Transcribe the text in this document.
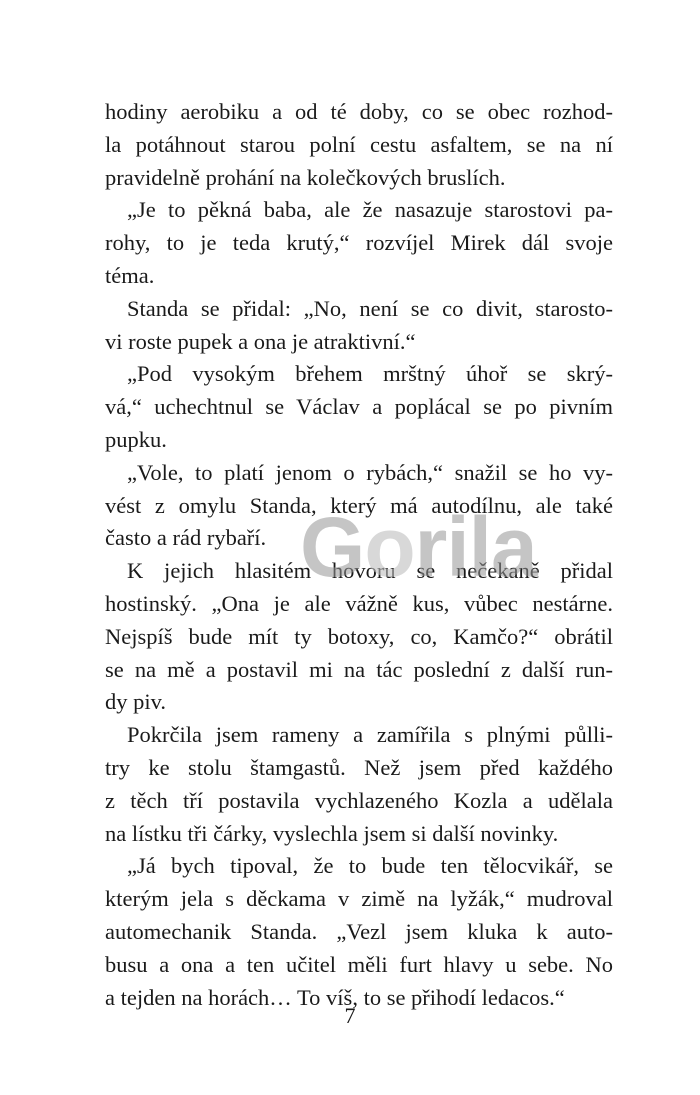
hodiny aerobiku a od té doby, co se obec rozhod-
la potáhnout starou polní cestu asfaltem, se na ní
pravidelně prohání na kolečkových bruslích.
„Je to pěkná baba, ale že nasazuje starostovi pa-
rohy, to je teda krutý,“ rozvíjel Mirek dál svoje
téma.
Standa se přidal: „No, není se co divit, starosto-
vi roste pupek a ona je atraktivní.“
„Pod vysokým břehem mrštný úhoř se skrý-
vá,“ uchechtnul se Václav a poplácal se po pivním
pupku.
„Vole, to platí jenom o rybách,“ snažil se ho vy-
vést z omylu Standa, který má autodílnu, ale také
často a rád rybaří.
K jejich hlasitém hovoru se nečekaně přidal
hostinský. „Ona je ale vážně kus, vůbec nestárne.
Nejspíš bude mít ty botoxy, co, Kamčo?“ obrátil
se na mě a postavil mi na tác poslední z další run-
dy piv.
Pokrčila jsem rameny a zamířila s plnými půlli-
try ke stolu štamgastů. Než jsem před každého
z těch tří postavila vychlazeného Kozla a udělala
na lístku tři čárky, vyslechla jsem si další novinky.
„Já bych tipoval, že to bude ten tělocvikář, se
kterým jela s děckama v zimě na lyžák,“ mudroval
automechanik Standa. „Vezl jsem kluka k auto-
busu a ona a ten učitel měli furt hlavy u sebe. No
a tejden na horách… To víš, to se přihodí ledacos.“
Gorila
7
